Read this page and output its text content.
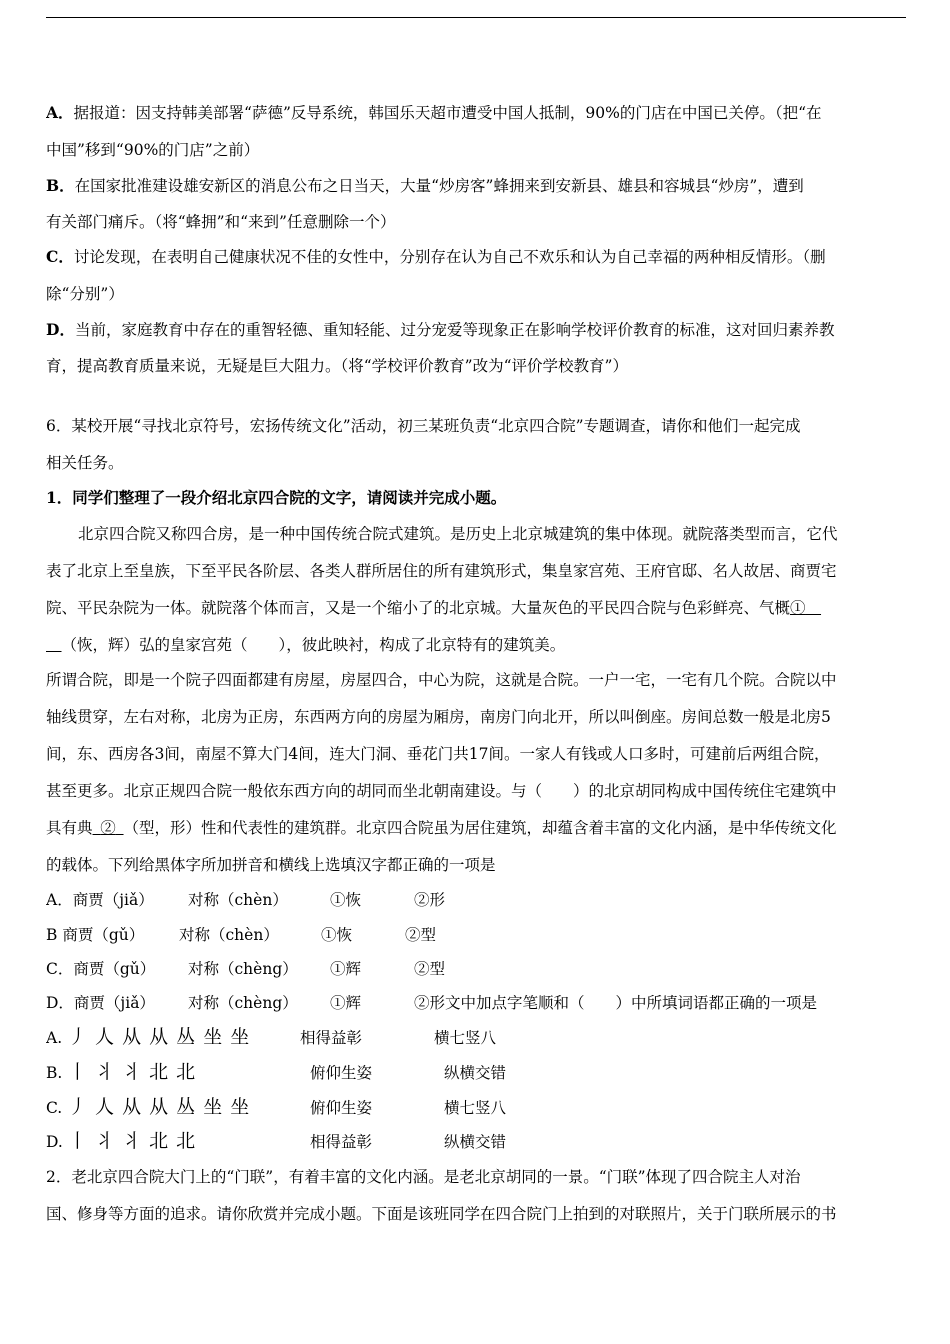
A．据报道：因支持韩美部署“萨德”反导系统，韩国乐天超市遭受中国人抵制，90%的门店在中国已关停。（把“在
中国”移到“90%的门店”之前）
B．在国家批准建设雄安新区的消息公布之日当天，大量“炒房客”蜂拥来到安新县、雄县和容城县“炒房”，遭到
有关部门痛斥。（将“蜂拥”和“来到”任意删除一个）
C．讨论发现，在表明自己健康状况不佳的女性中，分别存在认为自己不欢乐和认为自己幸福的两种相反情形。（删
除“分别”）
D．当前，家庭教育中存在的重智轻德、重知轻能、过分宠爱等现象正在影响学校评价教育的标准，这对回归素养教
育，提高教育质量来说，无疑是巨大阻力。（将“学校评价教育”改为“评价学校教育”）
6．某校开展“寻找北京符号，宏扬传统文化”活动，初三某班负责“北京四合院”专题调查，请你和他们一起完成
相关任务。
1．同学们整理了一段介绍北京四合院的文字，请阅读并完成小题。
北京四合院又称四合房，是一种中国传统合院式建筑。是历史上北京城建筑的集中体现。就院落类型而言，它代
表了北京上至皇族，下至平民各阶层、各类人群所居住的所有建筑形式，集皇家宫苑、王府官邸、名人故居、商贾宅
院、平民杂院为一体。就院落个体而言，又是一个缩小了的北京城。大量灰色的平民四合院与色彩鲜亮、气概① 
 （恢，辉）弘的皇家宫苑（　　），彼此映衬，构成了北京特有的建筑美。
所谓合院，即是一个院子四面都建有房屋，房屋四合，中心为院，这就是合院。一户一宅，一宅有几个院。合院以中
轴线贯穿，左右对称，北房为正房，东西两方向的房屋为厢房，南房门向北开，所以叫倒座。房间总数一般是北房5
间，东、西房各3间，南屋不算大门4间，连大门洞、垂花门共17间。一家人有钱或人口多时，可建前后两组合院，
甚至更多。北京正规四合院一般依东西方向的胡同而坐北朝南建设。与（　　）的北京胡同构成中国传统住宅建筑中
具有典  ②  （型，形）性和代表性的建筑群。北京四合院虽为居住建筑，却蕴含着丰富的文化内涵，是中华传统文化
的载体。下列给黑体字所加拼音和横线上选填汉字都正确的一项是
A．商贾（jiǎ） 对称（chèn）	①恢	②形
B 商贾（gǔ） 对称（chèn）	①恢	②型
C．商贾（gǔ） 对称（chèng） ①辉	②型
D．商贾（jiǎ） 对称（chèng） ①辉	②形文中加点字笔顺和（　　）中所填词语都正确的一项是
A. 丿 人 从 从 丛 坐 坐	相得益彰	横七竖八
B. 丨 丬 丬 北 北	俯仰生姿	纵横交错
C. 丿 人 从 从 丛 坐 坐	俯仰生姿	横七竖八
D. 丨 丬 丬 北 北	相得益彰	纵横交错
2．老北京四合院大门上的“门联”，有着丰富的文化内涵。是老北京胡同的一景。“门联”体现了四合院主人对治
国、修身等方面的追求。请你欣赏并完成小题。下面是该班同学在四合院门上拍到的对联照片，关于门联所展示的书
